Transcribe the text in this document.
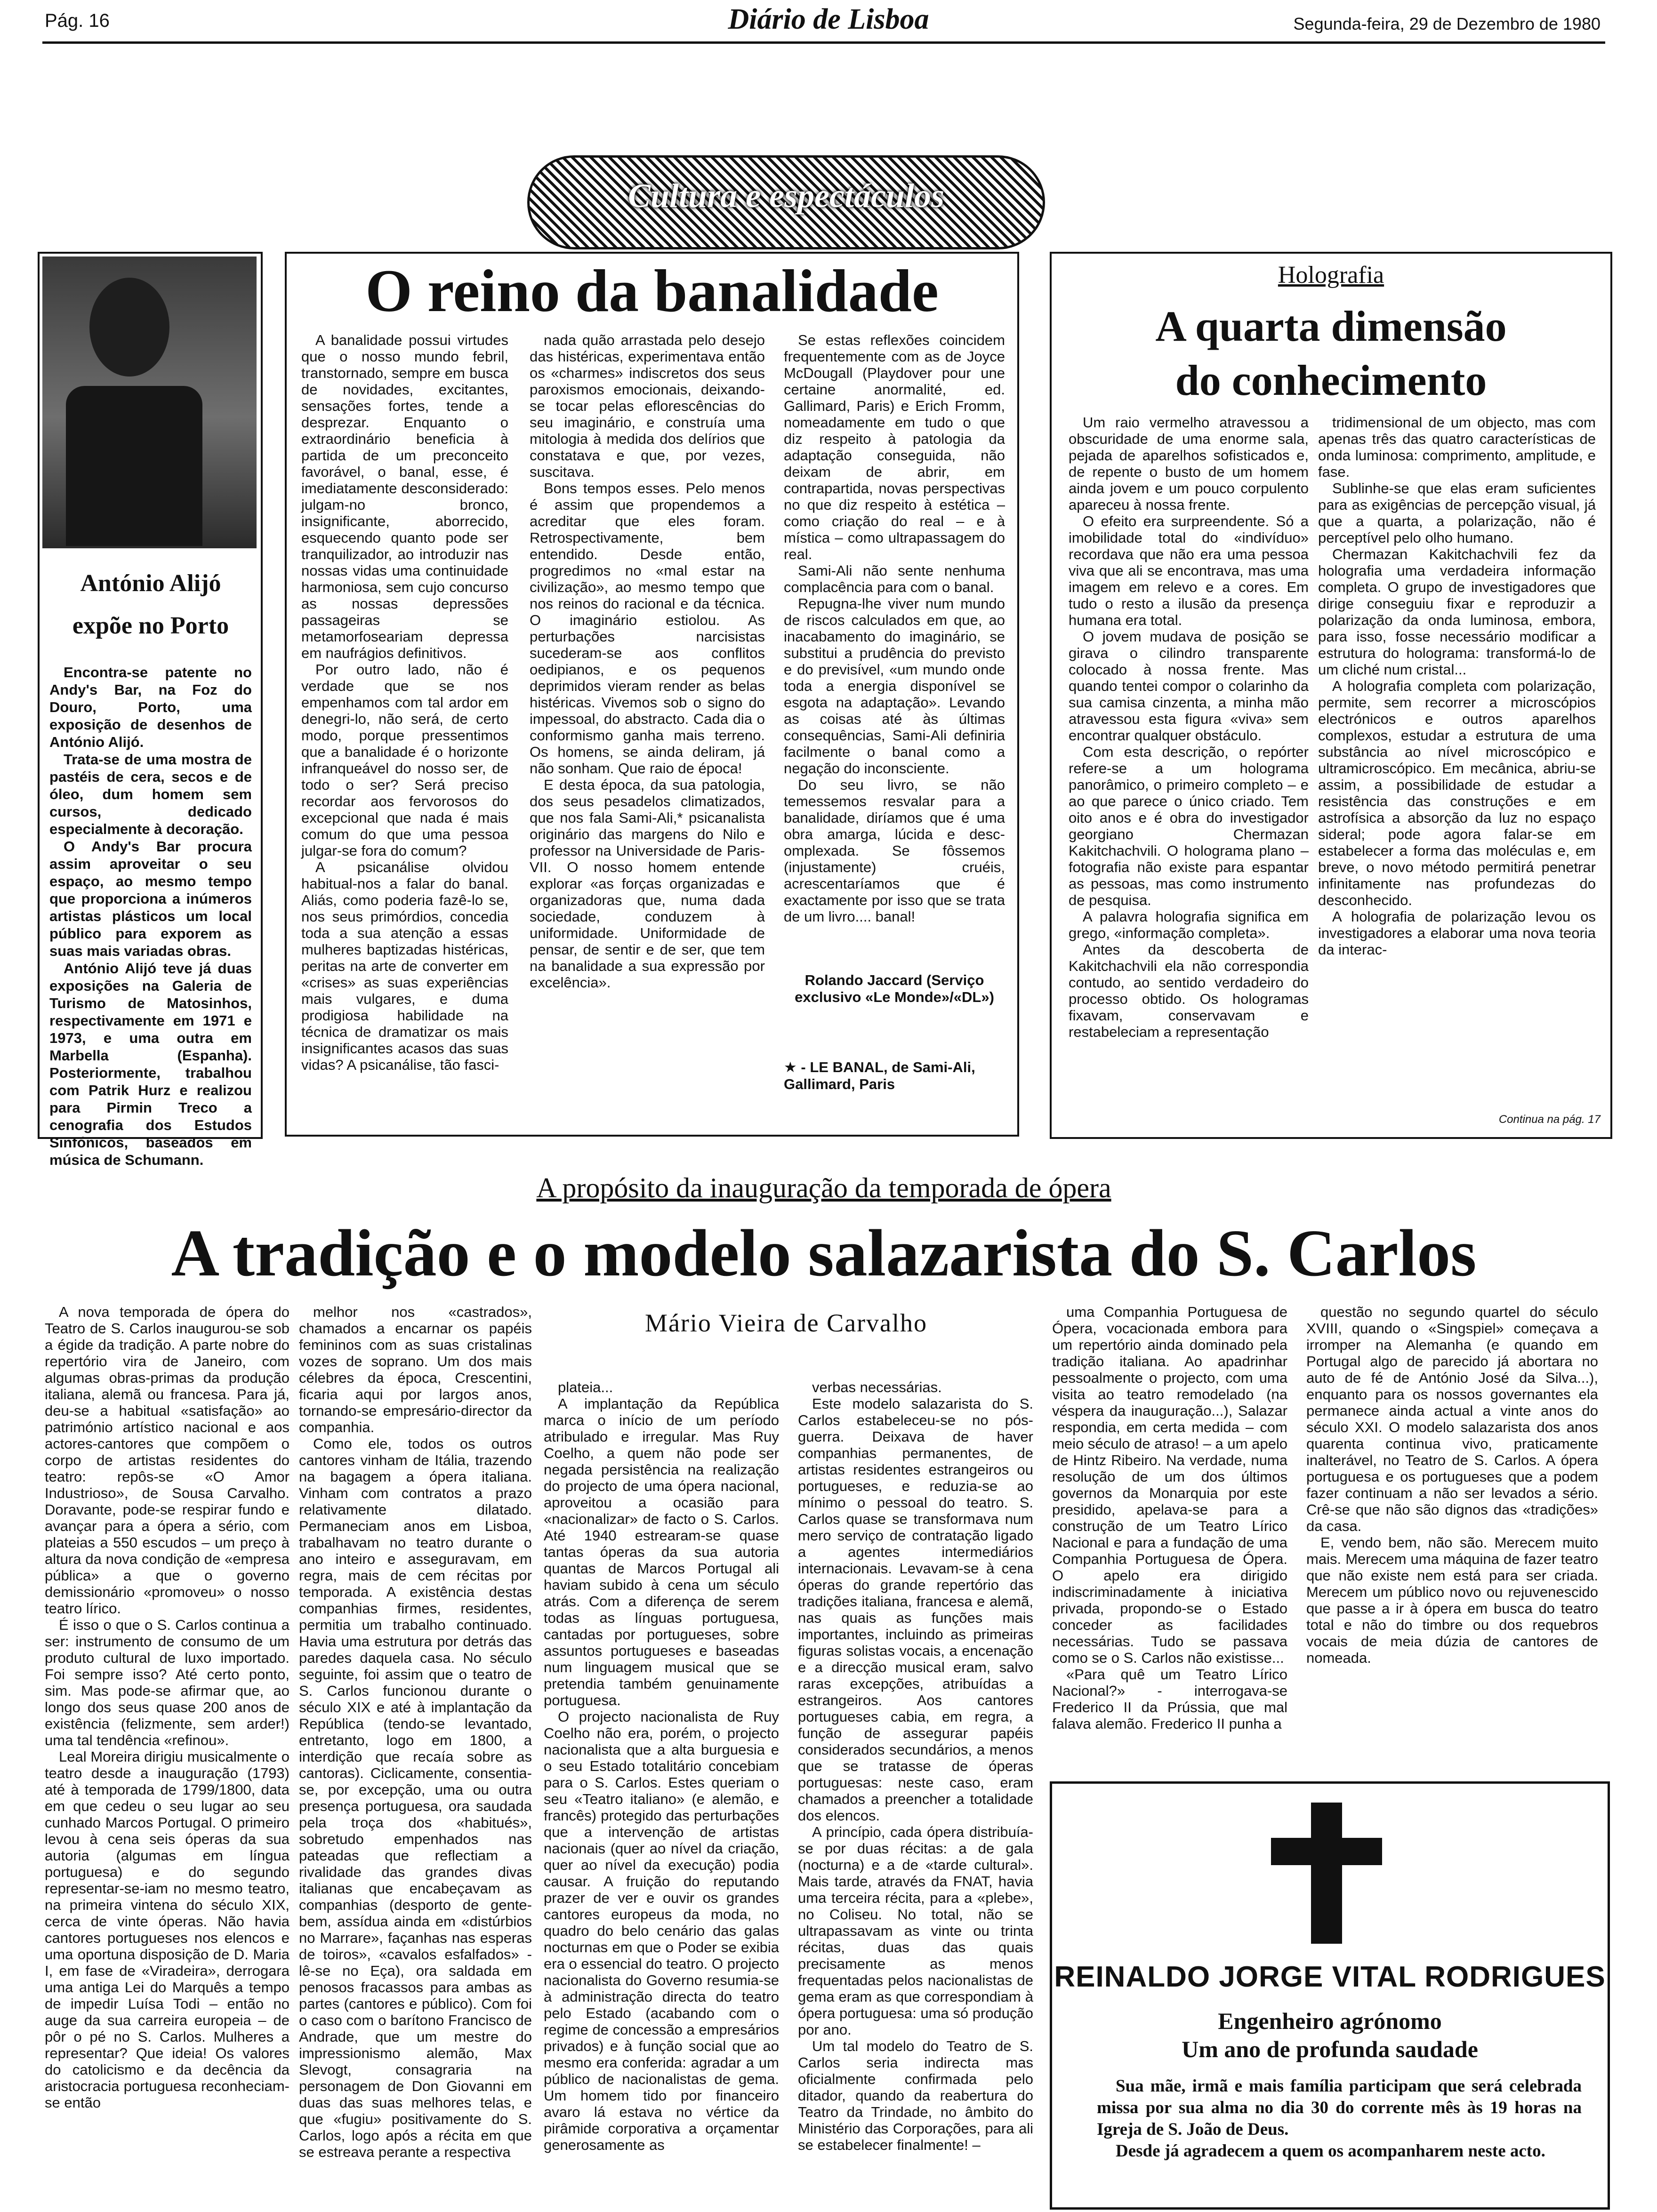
Pág. 16	Diário de Lisboa	Segunda-feira, 29 de Dezembro de 1980
Cultura e espectáculos
António Alijó
expõe no Porto

Encontra-se patente no Andy's Bar, na Foz do Douro, Porto, uma exposição de desenhos de António Alijó.

Trata-se de uma mostra de pastéis de cera, secos e de óleo, dum homem sem cursos, dedicado especialmente à decoração.

O Andy's Bar procura assim aproveitar o seu espaço, ao mesmo tempo que proporciona a inúmeros artistas plásticos um local público para exporem as suas mais variadas obras.

António Alijó teve já duas exposições na Galeria de Turismo de Matosinhos, respectivamente em 1971 e 1973, e uma outra em Marbella (Espanha). Posteriormente, trabalhou com Patrik Hurz e realizou para Pirmin Treco a cenografia dos Estudos Sinfónicos, baseados em música de Schumann.

O reino da banalidade

A banalidade possui virtudes que o nosso mundo febril, transtornado, sempre em busca de novidades, excitantes, sensações fortes, tende a desprezar. Enquanto o extraordinário beneficia à partida de um preconceito favorável, o banal, esse, é imediatamente desconsiderado: julgam-no bronco, insignificante, aborrecido, esquecendo quanto pode ser tranquilizador, ao introduzir nas nossas vidas uma continuidade harmoniosa, sem cujo concurso as nossas depressões passageiras se metamorfoseariam depressa em naufrágios definitivos.

Por outro lado, não é verdade que se nos empenhamos com tal ardor em denegri-lo, não será, de certo modo, porque pressentimos que a banalidade é o horizonte infranqueável do nosso ser, de todo o ser? Será preciso recordar aos fervorosos do excepcional que nada é mais comum do que uma pessoa julgar-se fora do comum?

A psicanálise olvidou habitual-nos a falar do banal. Aliás, como poderia fazê-lo se, nos seus primórdios, concedia toda a sua atenção a essas mulheres baptizadas histéricas, peritas na arte de converter em «crises» as suas experiências mais vulgares, e duma prodigiosa habilidade na técnica de dramatizar os mais insignificantes acasos das suas vidas? A psicanálise, tão fasci-

nada quão arrastada pelo desejo das histéricas, experimentava então os «charmes» indiscretos dos seus paroxismos emocionais, deixando-se tocar pelas eflorescências do seu imaginário, e construía uma mitologia à medida dos delírios que constatava e que, por vezes, suscitava.

Bons tempos esses. Pelo menos é assim que propendemos a acreditar que eles foram. Retrospectivamente, bem entendido. Desde então, progredimos no «mal estar na civilização», ao mesmo tempo que nos reinos do racional e da técnica. O imaginário estiolou. As perturbações narcisistas sucederam-se aos conflitos oedipianos, e os pequenos deprimidos vieram render as belas histéricas. Vivemos sob o signo do impessoal, do abstracto. Cada dia o conformismo ganha mais terreno. Os homens, se ainda deliram, já não sonham. Que raio de época!

E desta época, da sua patologia, dos seus pesadelos climatizados, que nos fala Sami-Ali,* psicanalista originário das margens do Nilo e professor na Universidade de Paris-VII. O nosso homem entende explorar «as forças organizadas e organizadoras que, numa dada sociedade, conduzem à uniformidade. Uniformidade de pensar, de sentir e de ser, que tem na banalidade a sua expressão por excelência».

Se estas reflexões coincidem frequentemente com as de Joyce McDougall (Playdover pour une certaine anormalité, ed. Gallimard, Paris) e Erich Fromm, nomeadamente em tudo o que diz respeito à patologia da adaptação conseguida, não deixam de abrir, em contrapartida, novas perspectivas no que diz respeito à estética – como criação do real – e à mística – como ultrapassagem do real.

Sami-Ali não sente nenhuma complacência para com o banal.

Repugna-lhe viver num mundo de riscos calculados em que, ao inacabamento do imaginário, se substitui a prudência do previsto e do previsível, «um mundo onde toda a energia disponível se esgota na adaptação». Levando as coisas até às últimas consequências, Sami-Ali definiria facilmente o banal como a negação do inconsciente.

Do seu livro, se não temessemos resvalar para a banalidade, diríamos que é uma obra amarga, lúcida e descomplexada. Se fôssemos (injustamente) cruéis, acrescentaríamos que é exactamente por isso que se trata de um livro.... banal!

Rolando Jaccard (Serviço exclusivo «Le Monde»/«DL»)
★ - LE BANAL, de Sami-Ali, Gallimard, Paris
Holografia
A quarta dimensão
do conhecimento

Um raio vermelho atravessou a obscuridade de uma enorme sala, pejada de aparelhos sofisticados e, de repente o busto de um homem ainda jovem e um pouco corpulento apareceu à nossa frente.

O efeito era surpreendente. Só a imobilidade total do «indivíduo» recordava que não era uma pessoa viva que ali se encontrava, mas uma imagem em relevo e a cores. Em tudo o resto a ilusão da presença humana era total.

O jovem mudava de posição se girava o cilindro transparente colocado à nossa frente. Mas quando tentei compor o colarinho da sua camisa cinzenta, a minha mão atravessou esta figura «viva» sem encontrar qualquer obstáculo.

Com esta descrição, o repórter refere-se a um holograma panorâmico, o primeiro completo – e ao que parece o único criado. Tem oito anos e é obra do investigador georgiano Chermazan Kakitchachvili. O holograma plano – fotografia não existe para espantar as pessoas, mas como instrumento de pesquisa.

A palavra holografia significa em grego, «informação completa».

Antes da descoberta de Kakitchachvili ela não correspondia contudo, ao sentido verdadeiro do processo obtido. Os hologramas fixavam, conservavam e restabeleciam a representação

tridimensional de um objecto, mas com apenas três das quatro características de onda luminosa: comprimento, amplitude, e fase.

Sublinhe-se que elas eram suficientes para as exigências de percepção visual, já que a quarta, a polarização, não é perceptível pelo olho humano.

Chermazan Kakitchachvili fez da holografia uma verdadeira informação completa. O grupo de investigadores que dirige conseguiu fixar e reproduzir a polarização da onda luminosa, embora, para isso, fosse necessário modificar a estrutura do holograma: transformá-lo de um cliché num cristal...

A holografia completa com polarização, permite, sem recorrer a microscópios electrónicos e outros aparelhos complexos, estudar a estrutura de uma substância ao nível microscópico e ultramicroscópico. Em mecânica, abriu-se assim, a possibilidade de estudar a resistência das construções e em astrofísica a absorção da luz no espaço sideral; pode agora falar-se em estabelecer a forma das moléculas e, em breve, o novo método permitirá penetrar infinitamente nas profundezas do desconhecido.

A holografia de polarização levou os investigadores a elaborar uma nova teoria da interac-

Continua na pág. 17
A propósito da inauguração da temporada de ópera
A tradição e o modelo salazarista do S. Carlos
Mário Vieira de Carvalho

A nova temporada de ópera do Teatro de S. Carlos inaugurou-se sob a égide da tradição. A parte nobre do repertório vira de Janeiro, com algumas obras-primas da produção italiana, alemã ou francesa. Para já, deu-se a habitual «satisfação» ao património artístico nacional e aos actores-cantores que compõem o corpo de artistas residentes do teatro: repôs-se «O Amor Industrioso», de Sousa Carvalho. Doravante, pode-se respirar fundo e avançar para a ópera a sério, com plateias a 550 escudos – um preço à altura da nova condição de «empresa pública» a que o governo demissionário «promoveu» o nosso teatro lírico.

É isso o que o S. Carlos continua a ser: instrumento de consumo de um produto cultural de luxo importado. Foi sempre isso? Até certo ponto, sim. Mas pode-se afirmar que, ao longo dos seus quase 200 anos de existência (felizmente, sem arder!) uma tal tendência «refinou».

Leal Moreira dirigiu musicalmente o teatro desde a inauguração (1793) até à temporada de 1799/1800, data em que cedeu o seu lugar ao seu cunhado Marcos Portugal. O primeiro levou à cena seis óperas da sua autoria (algumas em língua portuguesa) e do segundo representar-se-iam no mesmo teatro, na primeira vintena do século XIX, cerca de vinte óperas. Não havia cantores portugueses nos elencos e uma oportuna disposição de D. Maria I, em fase de «Viradeira», derrogara uma antiga Lei do Marquês a tempo de impedir Luísa Todi – então no auge da sua carreira europeia – de pôr o pé no S. Carlos. Mulheres a representar? Que ideia! Os valores do catolicismo e da decência da aristocracia portuguesa reconheciam-se então

melhor nos «castrados», chamados a encarnar os papéis femininos com as suas cristalinas vozes de soprano. Um dos mais célebres da época, Crescentini, ficaria aqui por largos anos, tornando-se empresário-director da companhia.

Como ele, todos os outros cantores vinham de Itália, trazendo na bagagem a ópera italiana. Vinham com contratos a prazo relativamente dilatado. Permaneciam anos em Lisboa, trabalhavam no teatro durante o ano inteiro e asseguravam, em regra, mais de cem récitas por temporada. A existência destas companhias firmes, residentes, permitia um trabalho continuado. Havia uma estrutura por detrás das paredes daquela casa. No século seguinte, foi assim que o teatro de S. Carlos funcionou durante o século XIX e até à implantação da República (tendo-se levantado, entretanto, logo em 1800, a interdição que recaía sobre as cantoras). Ciclicamente, consentia-se, por excepção, uma ou outra presença portuguesa, ora saudada pela troça dos «habitués», sobretudo empenhados nas pateadas que reflectiam a rivalidade das grandes divas italianas que encabeçavam as companhias (desporto de gente-bem, assídua ainda em «distúrbios no Marrare», façanhas nas esperas de toiros», «cavalos esfalfados» - lê-se no Eça), ora saldada em penosos fracassos para ambas as partes (cantores e público). Com foi o caso com o barítono Francisco de Andrade, que um mestre do impressionismo alemão, Max Slevogt, consagraria na personagem de Don Giovanni em duas das suas melhores telas, e que «fugiu» positivamente do S. Carlos, logo após a récita em que se estreava perante a respectiva

plateia...

A implantação da República marca o início de um período atribulado e irregular. Mas Ruy Coelho, a quem não pode ser negada persistência na realização do projecto de uma ópera nacional, aproveitou a ocasião para «nacionalizar» de facto o S. Carlos. Até 1940 estrearam-se quase tantas óperas da sua autoria quantas de Marcos Portugal ali haviam subido à cena um século atrás. Com a diferença de serem todas as línguas portuguesa, cantadas por portugueses, sobre assuntos portugueses e baseadas num linguagem musical que se pretendia também genuinamente portuguesa.

O projecto nacionalista de Ruy Coelho não era, porém, o projecto nacionalista que a alta burguesia e o seu Estado totalitário concebiam para o S. Carlos. Estes queriam o seu «Teatro italiano» (e alemão, e francês) protegido das perturbações que a intervenção de artistas nacionais (quer ao nível da criação, quer ao nível da execução) podia causar. A fruição do reputando prazer de ver e ouvir os grandes cantores europeus da moda, no quadro do belo cenário das galas nocturnas em que o Poder se exibia era o essencial do teatro. O projecto nacionalista do Governo resumia-se à administração directa do teatro pelo Estado (acabando com o regime de concessão a empresários privados) e à função social que ao mesmo era conferida: agradar a um público de nacionalistas de gema. Um homem tido por financeiro avaro lá estava no vértice da pirâmide corporativa a orçamentar generosamente as

verbas necessárias.

Este modelo salazarista do S. Carlos estabeleceu-se no pós-guerra. Deixava de haver companhias permanentes, de artistas residentes estrangeiros ou portugueses, e reduzia-se ao mínimo o pessoal do teatro. S. Carlos quase se transformava num mero serviço de contratação ligado a agentes intermediários internacionais. Levavam-se à cena óperas do grande repertório das tradições italiana, francesa e alemã, nas quais as funções mais importantes, incluindo as primeiras figuras solistas vocais, a encenação e a direcção musical eram, salvo raras excepções, atribuídas a estrangeiros. Aos cantores portugueses cabia, em regra, a função de assegurar papéis considerados secundários, a menos que se tratasse de óperas portuguesas: neste caso, eram chamados a preencher a totalidade dos elencos.

A princípio, cada ópera distribuía-se por duas récitas: a de gala (nocturna) e a de «tarde cultural». Mais tarde, através da FNAT, havia uma terceira récita, para a «plebe», no Coliseu. No total, não se ultrapassavam as vinte ou trinta récitas, duas das quais precisamente as menos frequentadas pelos nacionalistas de gema eram as que correspondiam à ópera portuguesa: uma só produção por ano.

Um tal modelo do Teatro de S. Carlos seria indirecta mas oficialmente confirmada pelo ditador, quando da reabertura do Teatro da Trindade, no âmbito do Ministério das Corporações, para ali se estabelecer finalmente! –

uma Companhia Portuguesa de Ópera, vocacionada embora para um repertório ainda dominado pela tradição italiana. Ao apadrinhar pessoalmente o projecto, com uma visita ao teatro remodelado (na véspera da inauguração...), Salazar respondia, em certa medida – com meio século de atraso! – a um apelo de Hintz Ribeiro. Na verdade, numa resolução de um dos últimos governos da Monarquia por este presidido, apelava-se para a construção de um Teatro Lírico Nacional e para a fundação de uma Companhia Portuguesa de Ópera. O apelo era dirigido indiscriminadamente à iniciativa privada, propondo-se o Estado conceder as facilidades necessárias. Tudo se passava como se o S. Carlos não existisse...

«Para quê um Teatro Lírico Nacional?» - interrogava-se Frederico II da Prússia, que mal falava alemão. Frederico II punha a

questão no segundo quartel do século XVIII, quando o «Singspiel» começava a irromper na Alemanha (e quando em Portugal algo de parecido já abortara no auto de fé de António José da Silva...), enquanto para os nossos governantes ela permanece ainda actual a vinte anos do século XXI. O modelo salazarista dos anos quarenta continua vivo, praticamente inalterável, no Teatro de S. Carlos. A ópera portuguesa e os portugueses que a podem fazer continuam a não ser levados a sério. Crê-se que não são dignos das «tradições» da casa.

E, vendo bem, não são. Merecem muito mais. Merecem uma máquina de fazer teatro que não existe nem está para ser criada. Merecem um público novo ou rejuvenescido que passe a ir à ópera em busca do teatro total e não do timbre ou dos requebros vocais de meia dúzia de cantores de nomeada.

REINALDO JORGE VITAL RODRIGUES
Engenheiro agrónomo
Um ano de profunda saudade

Sua mãe, irmã e mais família participam que será celebrada missa por sua alma no dia 30 do corrente mês às 19 horas na Igreja de S. João de Deus.

Desde já agradecem a quem os acompanharem neste acto.
